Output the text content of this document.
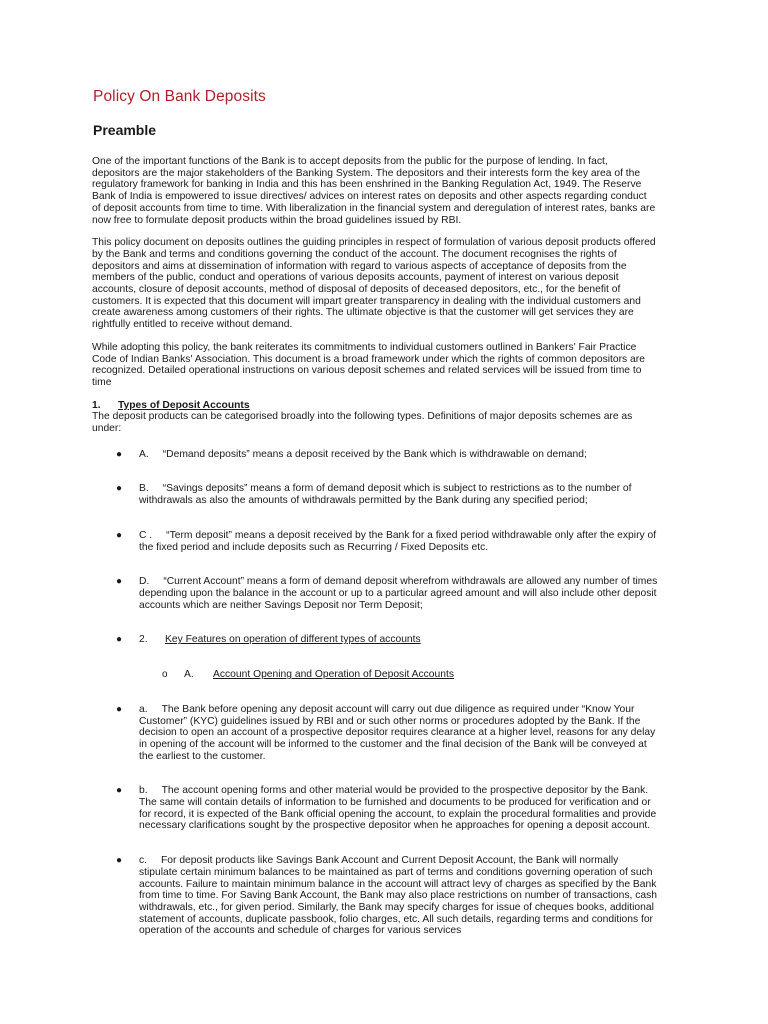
Policy On Bank Deposits
Preamble

One of the important functions of the Bank is to accept deposits from the public for the purpose of lending. In fact, depositors are the major stakeholders of the Banking System. The depositors and their interests form the key area of the regulatory framework for banking in India and this has been enshrined in the Banking Regulation Act, 1949. The Reserve Bank of India is empowered to issue directives/ advices on interest rates on deposits and other aspects regarding conduct of deposit accounts from time to time. With liberalization in the financial system and deregulation of interest rates, banks are now free to formulate deposit products within the broad guidelines issued by RBI.

This policy document on deposits outlines the guiding principles in respect of formulation of various deposit products offered by the Bank and terms and conditions governing the conduct of the account. The document recognises the rights of depositors and aims at dissemination of information with regard to various aspects of acceptance of deposits from the members of the public, conduct and operations of various deposits accounts, payment of interest on various deposit accounts, closure of deposit accounts, method of disposal of deposits of deceased depositors, etc., for the benefit of customers. It is expected that this document will impart greater transparency in dealing with the individual customers and create awareness among customers of their rights. The ultimate objective is that the customer will get services they are rightfully entitled to receive without demand.

While adopting this policy, the bank reiterates its commitments to individual customers outlined in Bankers' Fair Practice Code of Indian Banks' Association. This document is a broad framework under which the rights of common depositors are recognized. Detailed operational instructions on various deposit schemes and related services will be issued from time to time

1. Types of Deposit Accounts
The deposit products can be categorised broadly into the following types. Definitions of major deposits schemes are as under:
● A. “Demand deposits” means a deposit received by the Bank which is withdrawable on demand;
● B. “Savings deposits” means a form of demand deposit which is subject to restrictions as to the number of withdrawals as also the amounts of withdrawals permitted by the Bank during any specified period;
● C . “Term deposit” means a deposit received by the Bank for a fixed period withdrawable only after the expiry of the fixed period and include deposits such as Recurring / Fixed Deposits etc.
● D. “Current Account” means a form of demand deposit wherefrom withdrawals are allowed any number of times depending upon the balance in the account or up to a particular agreed amount and will also include other deposit accounts which are neither Savings Deposit nor Term Deposit;
● 2. Key Features on operation of different types of accounts
o A. Account Opening and Operation of Deposit Accounts
● a. The Bank before opening any deposit account will carry out due diligence as required under “Know Your Customer” (KYC) guidelines issued by RBI and or such other norms or procedures adopted by the Bank. If the decision to open an account of a prospective depositor requires clearance at a higher level, reasons for any delay in opening of the account will be informed to the customer and the final decision of the Bank will be conveyed at the earliest to the customer.
● b. The account opening forms and other material would be provided to the prospective depositor by the Bank. The same will contain details of information to be furnished and documents to be produced for verification and or for record, it is expected of the Bank official opening the account, to explain the procedural formalities and provide necessary clarifications sought by the prospective depositor when he approaches for opening a deposit account.
● c. For deposit products like Savings Bank Account and Current Deposit Account, the Bank will normally stipulate certain minimum balances to be maintained as part of terms and conditions governing operation of such accounts. Failure to maintain minimum balance in the account will attract levy of charges as specified by the Bank from time to time. For Saving Bank Account, the Bank may also place restrictions on number of transactions, cash withdrawals, etc., for given period. Similarly, the Bank may specify charges for issue of cheques books, additional statement of accounts, duplicate passbook, folio charges, etc. All such details, regarding terms and conditions for operation of the accounts and schedule of charges for various services
